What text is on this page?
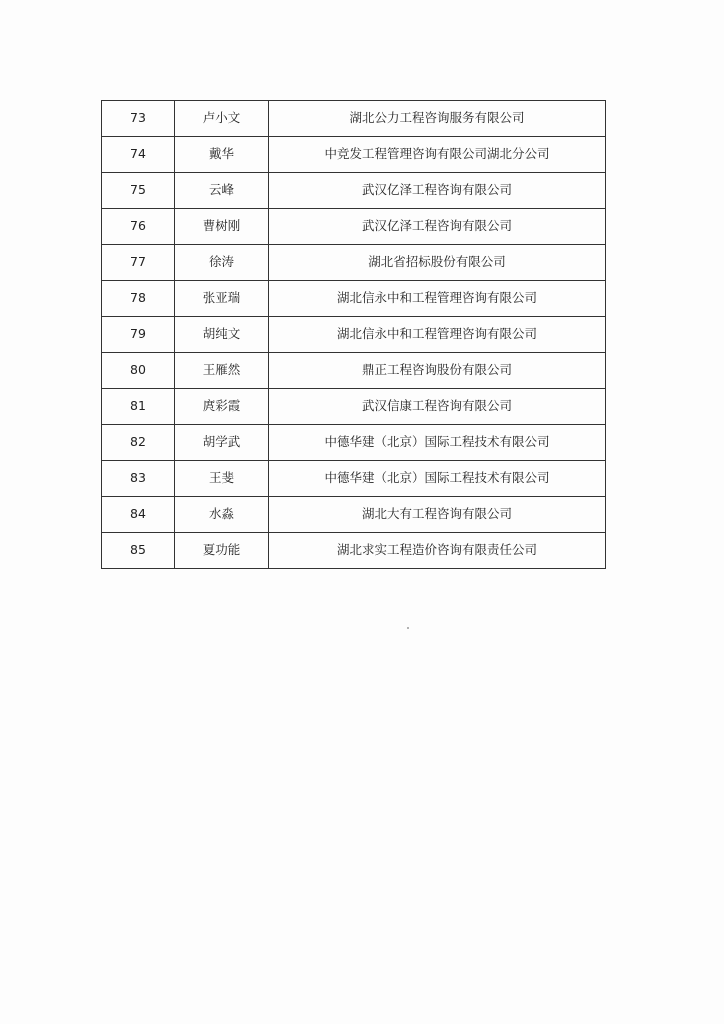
73	卢小文	湖北公力工程咨询服务有限公司
74	戴华	中竞发工程管理咨询有限公司湖北分公司
75	云峰	武汉亿泽工程咨询有限公司
76	曹树刚	武汉亿泽工程咨询有限公司
77	徐涛	湖北省招标股份有限公司
78	张亚瑞	湖北信永中和工程管理咨询有限公司
79	胡纯文	湖北信永中和工程管理咨询有限公司
80	王雁然	鼎正工程咨询股份有限公司
81	庹彩霞	武汉信康工程咨询有限公司
82	胡学武	中德华建（北京）国际工程技术有限公司
83	王斐	中德华建（北京）国际工程技术有限公司
84	水淼	湖北大有工程咨询有限公司
85	夏功能	湖北求实工程造价咨询有限责任公司
